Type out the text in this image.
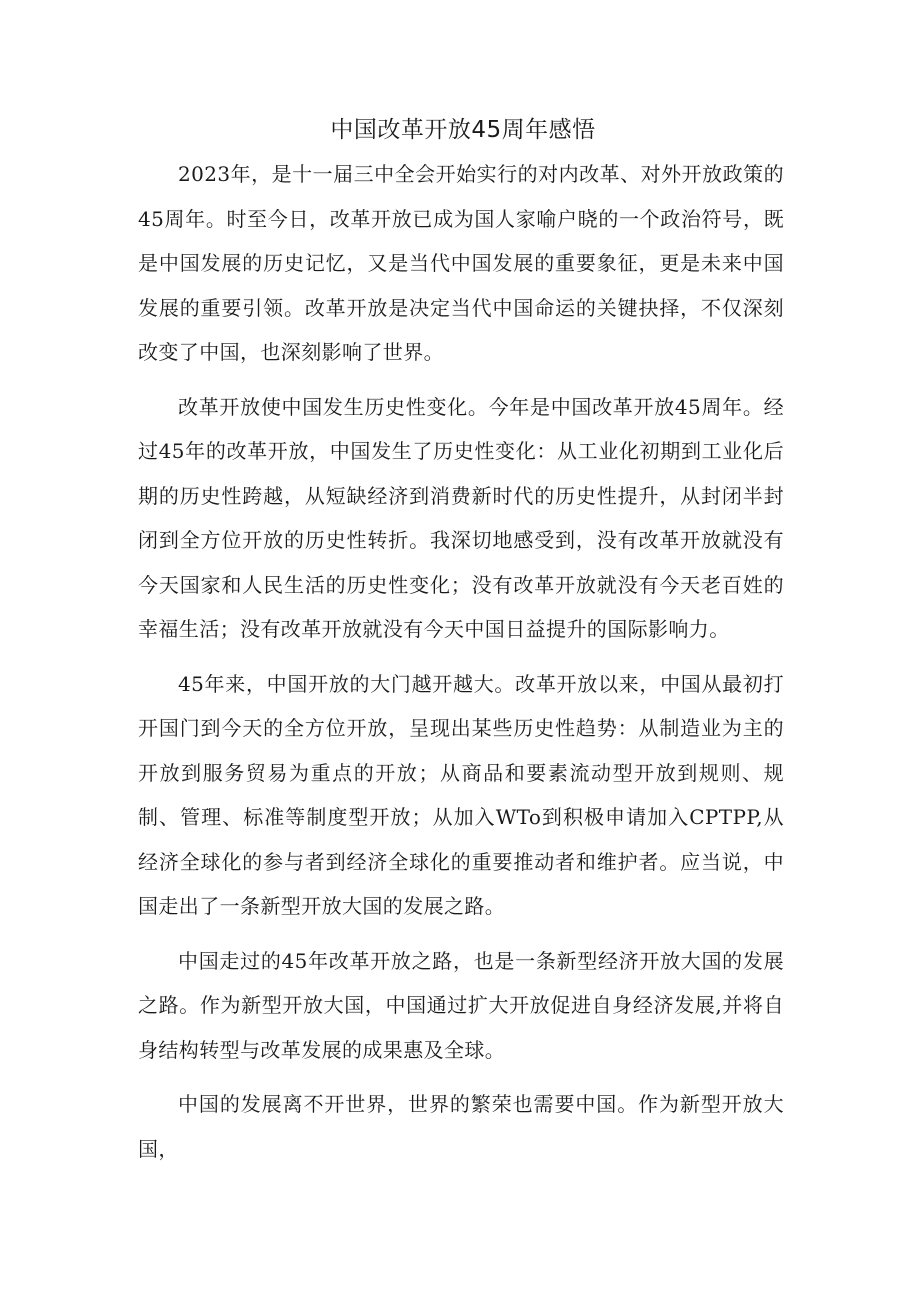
中国改革开放45周年感悟

2023年，是十一届三中全会开始实行的对内改革、对外开放政策的45周年。时至今日，改革开放已成为国人家喻户晓的一个政治符号，既是中国发展的历史记忆，又是当代中国发展的重要象征，更是未来中国发展的重要引领。改革开放是决定当代中国命运的关键抉择，不仅深刻改变了中国，也深刻影响了世界。

改革开放使中国发生历史性变化。今年是中国改革开放45周年。经过45年的改革开放，中国发生了历史性变化：从工业化初期到工业化后期的历史性跨越，从短缺经济到消费新时代的历史性提升，从封闭半封闭到全方位开放的历史性转折。我深切地感受到，没有改革开放就没有今天国家和人民生活的历史性变化；没有改革开放就没有今天老百姓的幸福生活；没有改革开放就没有今天中国日益提升的国际影响力。

45年来，中国开放的大门越开越大。改革开放以来，中国从最初打开国门到今天的全方位开放，呈现出某些历史性趋势：从制造业为主的开放到服务贸易为重点的开放；从商品和要素流动型开放到规则、规制、管理、标准等制度型开放；从加入WTo到积极申请加入CPTPP,从经济全球化的参与者到经济全球化的重要推动者和维护者。应当说，中国走出了一条新型开放大国的发展之路。

中国走过的45年改革开放之路，也是一条新型经济开放大国的发展之路。作为新型开放大国，中国通过扩大开放促进自身经济发展,并将自身结构转型与改革发展的成果惠及全球。

中国的发展离不开世界，世界的繁荣也需要中国。作为新型开放大国，
